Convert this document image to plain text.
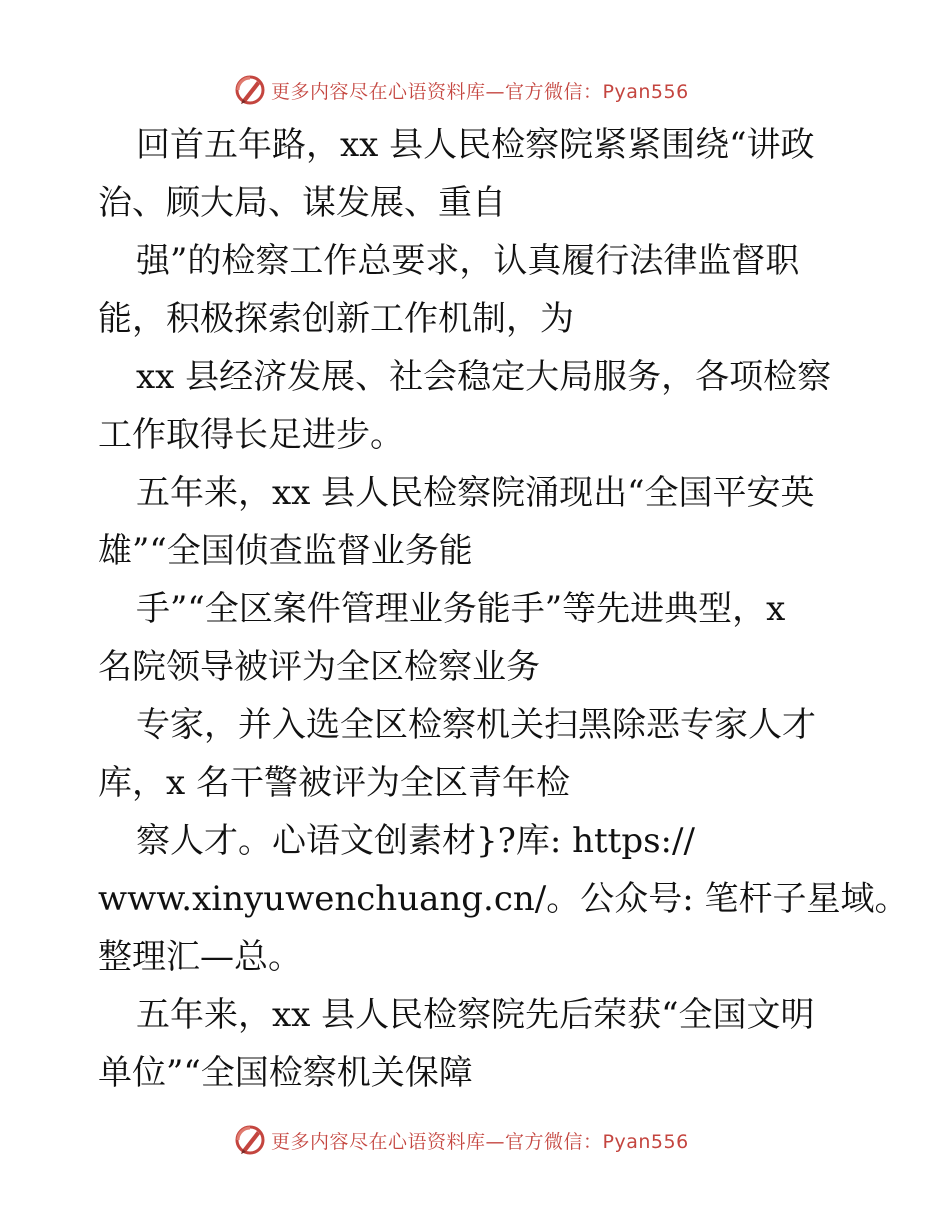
更多内容尽在心语资料库—官方微信：Pyan556
回首五年路，xx 县人民检察院紧紧围绕“讲政
治、顾大局、谋发展、重自
强”的检察工作总要求，认真履行法律监督职
能，积极探索创新工作机制，为
xx 县经济发展、社会稳定大局服务，各项检察
工作取得长足进步。
五年来，xx 县人民检察院涌现出“全国平安英
雄”“全国侦查监督业务能
手”“全区案件管理业务能手”等先进典型，x
名院领导被评为全区检察业务
专家，并入选全区检察机关扫黑除恶专家人才
库，x 名干警被评为全区青年检
察人才。心语文创素材}?库: https://
www.xinyuwenchuang.cn/。公众号: 笔杆子星域。
整理汇—总。
五年来，xx 县人民检察院先后荣获“全国文明
单位”“全国检察机关保障
更多内容尽在心语资料库—官方微信：Pyan556
